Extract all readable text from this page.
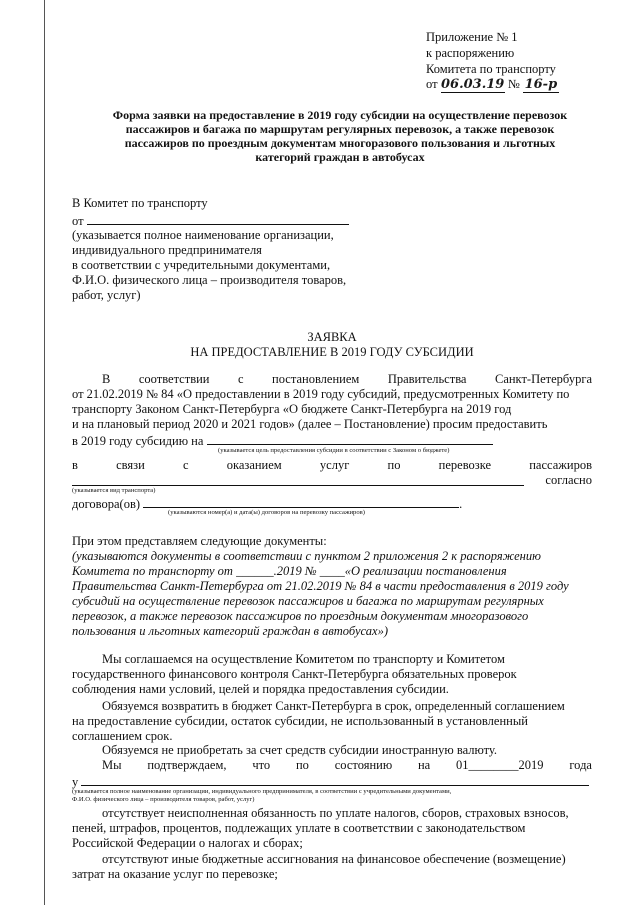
Приложение № 1
к распоряжению
Комитета по транспорту
от 06.03.19 № 16-р
Форма заявки на предоставление в 2019 году субсидии на осуществление перевозок
пассажиров и багажа по маршрутам регулярных перевозок, а также перевозок
пассажиров по проездным документам многоразового пользования и льготных
категорий граждан в автобусах
В Комитет по транспорту
от
(указывается полное наименование организации,
индивидуального предпринимателя
в соответствии с учредительными документами,
Ф.И.О. физического лица – производителя товаров,
работ, услуг)
ЗАЯВКА
НА ПРЕДОСТАВЛЕНИЕ В 2019 ГОДУ СУБСИДИИ
В соответствии с постановлением Правительства Санкт-Петербурга
от 21.02.2019 № 84 «О предоставлении в 2019 году субсидий, предусмотренных Комитету по
транспорту Законом Санкт-Петербурга «О бюджете Санкт-Петербурга на 2019 год
и на плановый период 2020 и 2021 годов» (далее – Постановление) просим предоставить
в 2019 году субсидию на
(указывается цель предоставления субсидии в соответствии с Законом о бюджете)
в	связи	с	оказанием	услуг	по	перевозке	пассажиров
согласно
(указывается вид транспорта)
договора(ов)	.
(указываются номер(а) и дата(ы) договоров на перевозку пассажиров)
При этом представляем следующие документы:
(указываются документы в соответствии с пунктом 2 приложения 2 к распоряжению
Комитета по транспорту от ______.2019 № ____«О реализации постановления
Правительства Санкт-Петербурга от 21.02.2019 № 84 в части предоставления в 2019 году
субсидий на осуществление перевозок пассажиров и багажа по маршрутам регулярных
перевозок, а также перевозок пассажиров по проездным документам многоразового
пользования и льготных категорий граждан в автобусах»)
Мы соглашаемся на осуществление Комитетом по транспорту и Комитетом
государственного финансового контроля Санкт-Петербурга обязательных проверок
соблюдения нами условий, целей и порядка предоставления субсидии.
Обязуемся возвратить в бюджет Санкт-Петербурга в срок, определенный соглашением
на предоставление субсидии, остаток субсидии, не использованный в установленный
соглашением срок.
Обязуемся не приобретать за счет средств субсидии иностранную валюту.
Мы подтверждаем, что по состоянию на 01________2019 года
у
(указывается полное наименование организации, индивидуального предпринимателя, в соответствии с учредительными документами,
Ф.И.О. физического лица – производителя товаров, работ, услуг)
отсутствует неисполненная обязанность по уплате налогов, сборов, страховых взносов,
пеней, штрафов, процентов, подлежащих уплате в соответствии с законодательством
Российской Федерации о налогах и сборах;
отсутствуют иные бюджетные ассигнования на финансовое обеспечение (возмещение)
затрат на оказание услуг по перевозке;
